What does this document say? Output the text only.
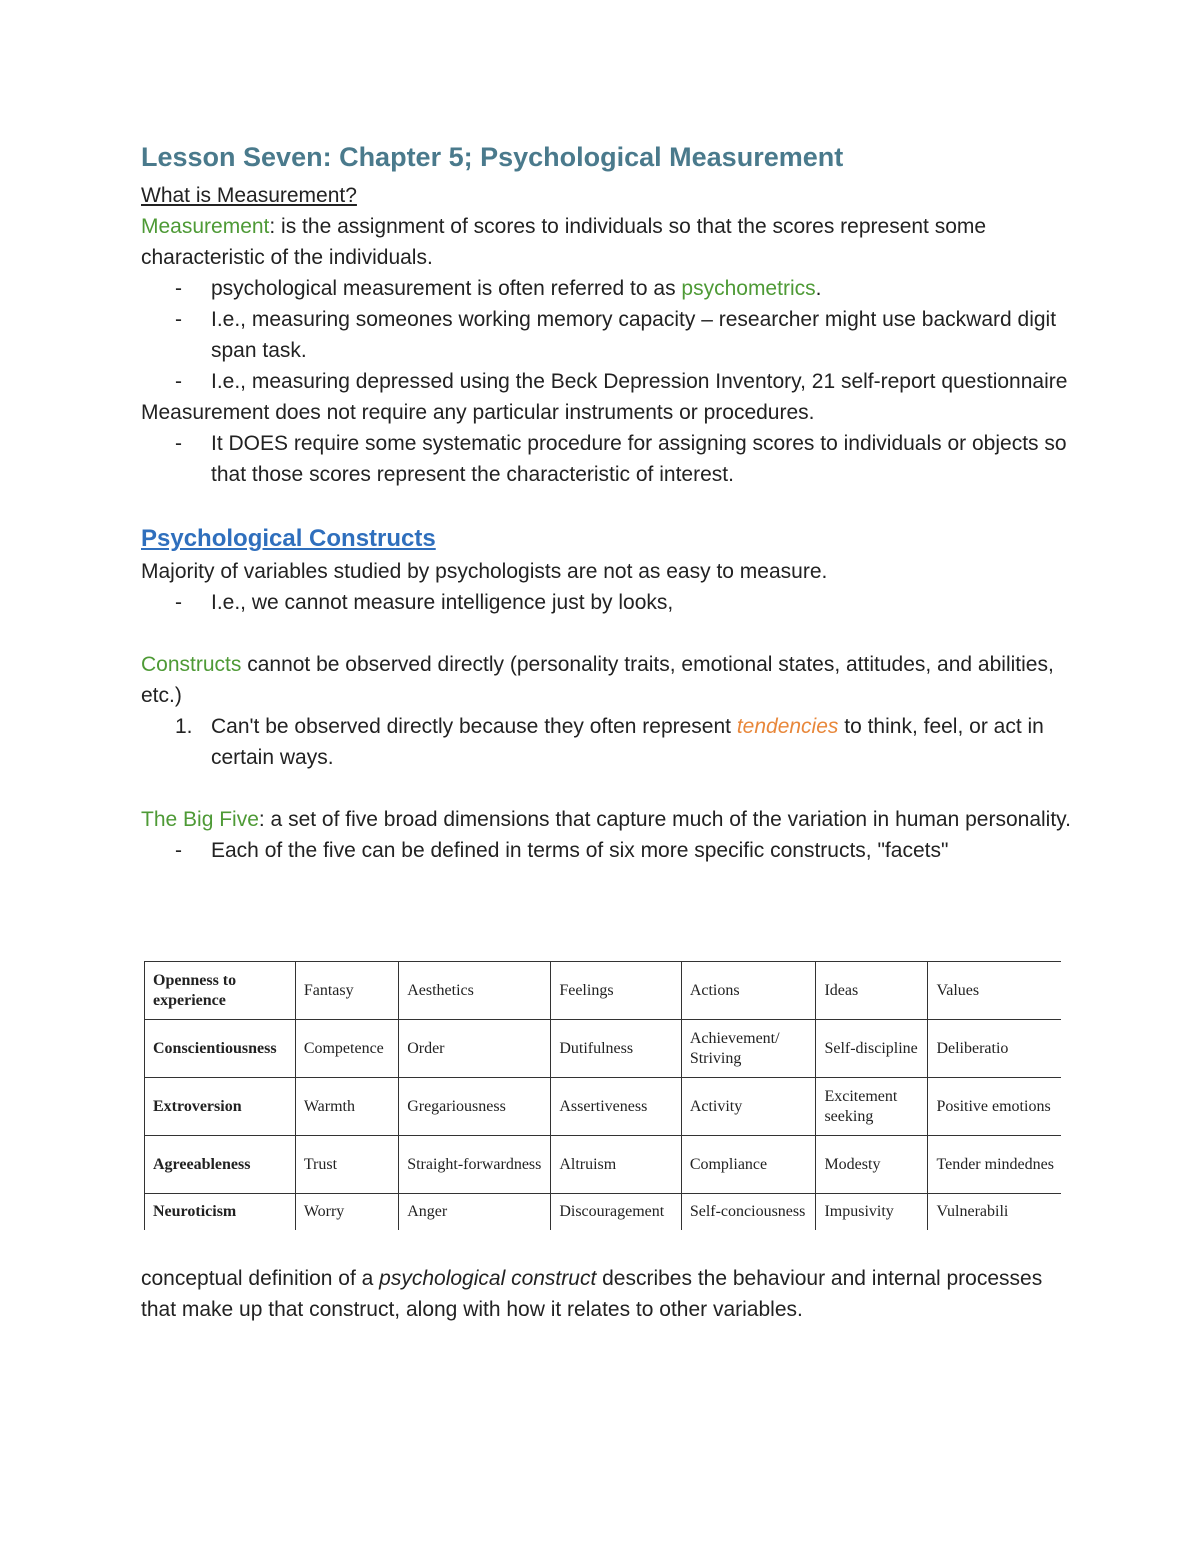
Lesson Seven: Chapter 5; Psychological Measurement

What is Measurement?

Measurement: is the assignment of scores to individuals so that the scores represent some characteristic of the individuals.

- psychological measurement is often referred to as psychometrics.
- I.e., measuring someones working memory capacity – researcher might use backward digit span task.
- I.e., measuring depressed using the Beck Depression Inventory, 21 self-report questionnaire

Measurement does not require any particular instruments or procedures.

- It DOES require some systematic procedure for assigning scores to individuals or objects so that those scores represent the characteristic of interest.
Psychological Constructs

Majority of variables studied by psychologists are not as easy to measure.

- I.e., we cannot measure intelligence just by looks,

Constructs cannot be observed directly (personality traits, emotional states, attitudes, and abilities, etc.)

1. Can't be observed directly because they often represent tendencies to think, feel, or act in certain ways.

The Big Five: a set of five broad dimensions that capture much of the variation in human personality.

- Each of the five can be defined in terms of six more specific constructs, "facets"
Openness to experience	Fantasy	Aesthetics	Feelings	Actions	Ideas	Values
Conscientiousness	Competence	Order	Dutifulness	Achievement/ Striving	Self-discipline	Deliberatio
Extroversion	Warmth	Gregariousness	Assertiveness	Activity	Excitement seeking	Positive emotions
Agreeableness	Trust	Straight-forwardness	Altruism	Compliance	Modesty	Tender mindednes
Neuroticism	Worry	Anger	Discouragement	Self-conciousness	Impusivity	Vulnerabili

conceptual definition of a psychological construct describes the behaviour and internal processes that make up that construct, along with how it relates to other variables.
